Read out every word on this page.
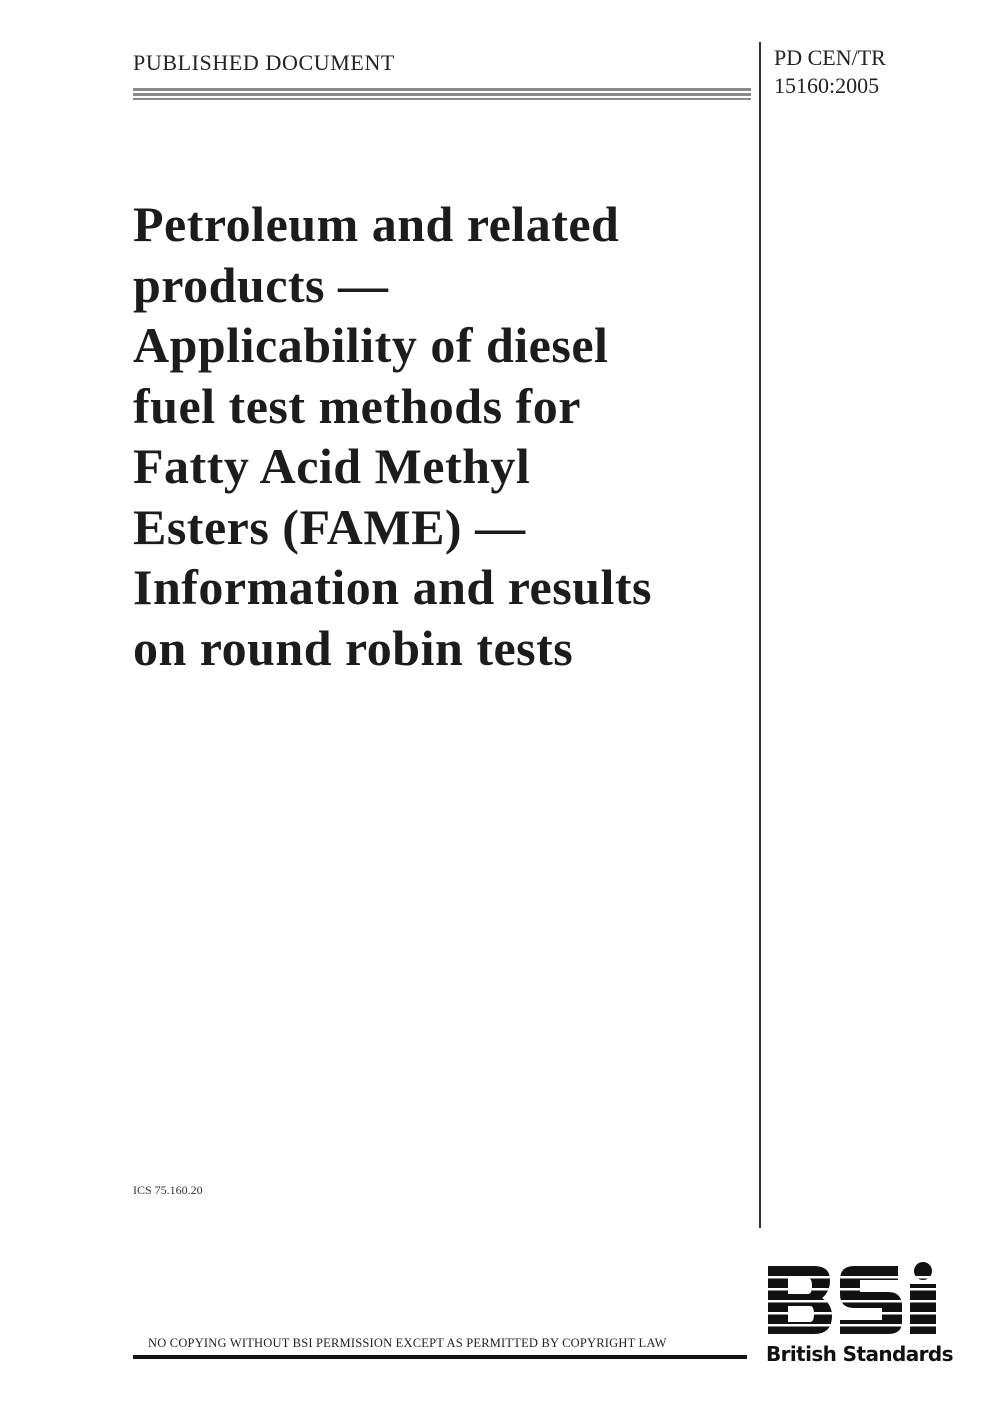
PUBLISHED DOCUMENT	PD CEN/TR
15160:2005
Petroleum and related
products —
Applicability of diesel
fuel test methods for
Fatty Acid Methyl
Esters (FAME) —
Information and results
on round robin tests
ICS 75.160.20
NO COPYING WITHOUT BSI PERMISSION EXCEPT AS PERMITTED BY COPYRIGHT LAW	British Standards
